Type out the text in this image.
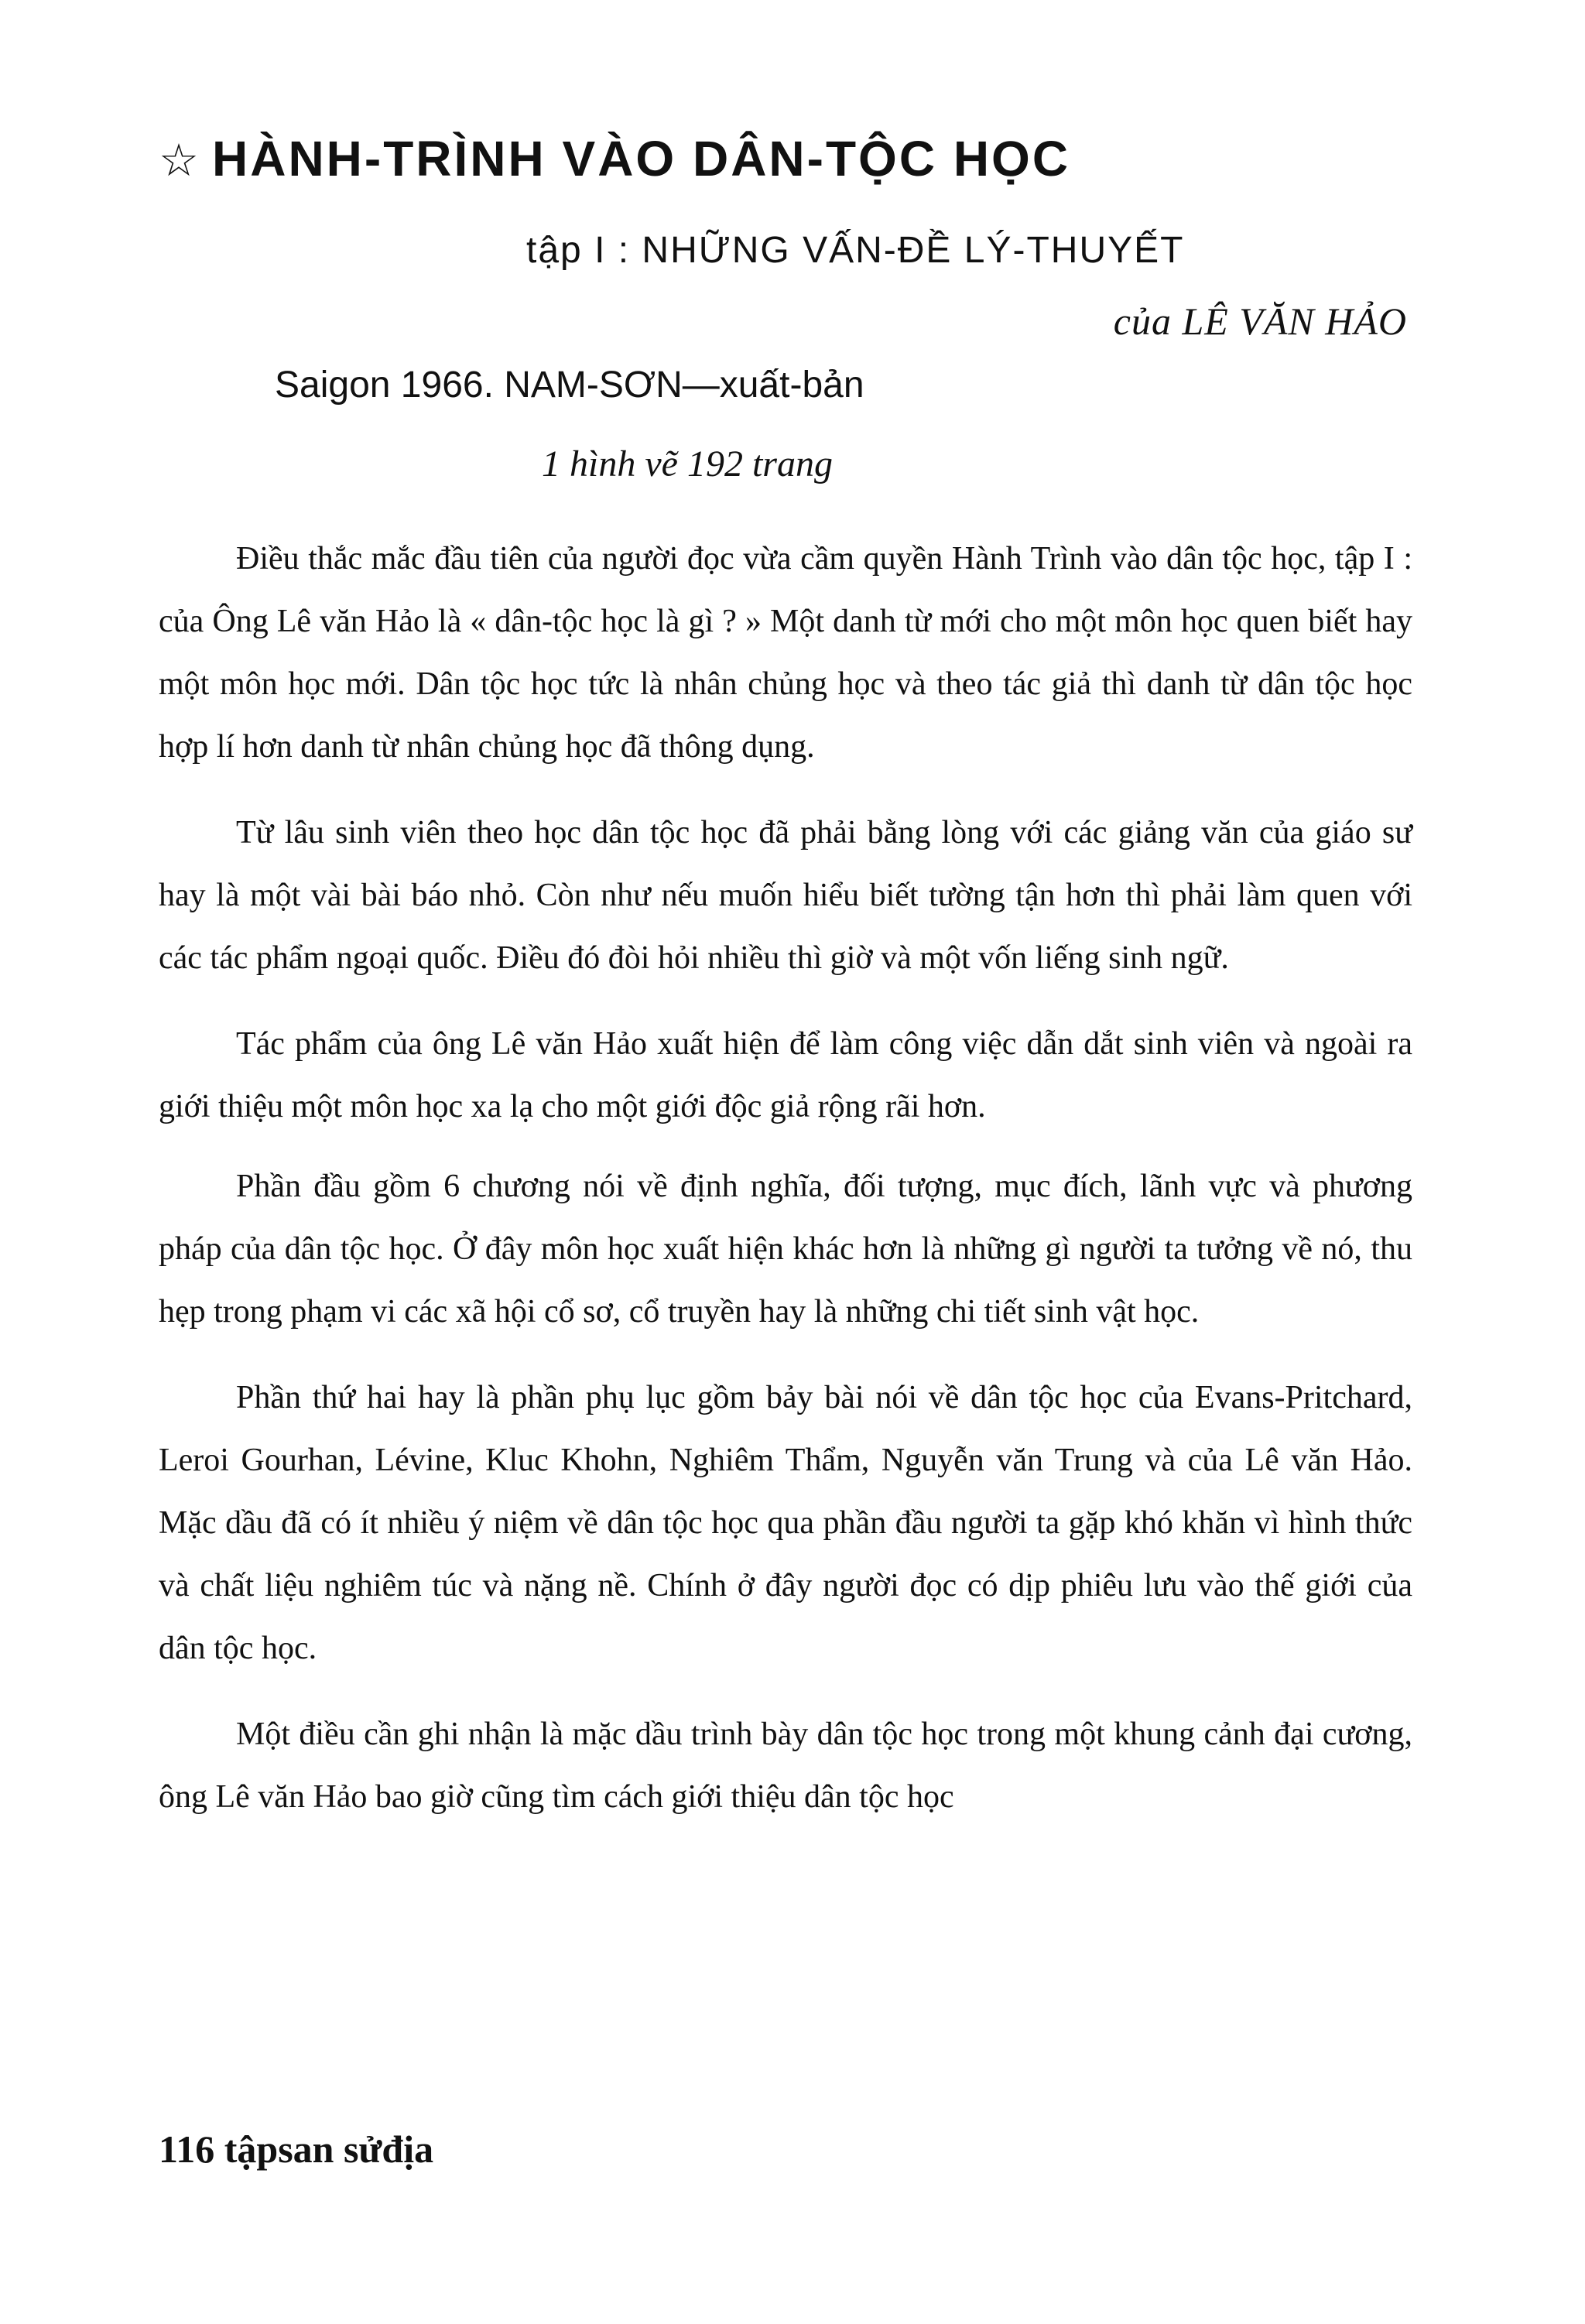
☆ HÀNH-TRÌNH VÀO DÂN-TỘC HỌC
tập I : NHỮNG VẤN-ĐỀ LÝ-THUYẾT
của LÊ VĂN HẢO
Saigon 1966. NAM-SƠN—xuất-bản
1 hình vẽ 192 trang

Điều thắc mắc đầu tiên của người đọc vừa cầm quyền Hành Trình vào dân tộc học, tập I : của Ông Lê văn Hảo là « dân-tộc học là gì ? » Một danh từ mới cho một môn học quen biết hay một môn học mới. Dân tộc học tức là nhân chủng học và theo tác giả thì danh từ dân tộc học hợp lí hơn danh từ nhân chủng học đã thông dụng.

Từ lâu sinh viên theo học dân tộc học đã phải bằng lòng với các giảng văn của giáo sư hay là một vài bài báo nhỏ. Còn như nếu muốn hiểu biết tường tận hơn thì phải làm quen với các tác phẩm ngoại quốc. Điều đó đòi hỏi nhiều thì giờ và một vốn liếng sinh ngữ.

Tác phẩm của ông Lê văn Hảo xuất hiện để làm công việc dẫn dắt sinh viên và ngoài ra giới thiệu một môn học xa lạ cho một giới độc giả rộng rãi hơn.

Phần đầu gồm 6 chương nói về định nghĩa, đối tượng, mục đích, lãnh vực và phương pháp của dân tộc học. Ở đây môn học xuất hiện khác hơn là những gì người ta tưởng về nó, thu hẹp trong phạm vi các xã hội cổ sơ, cổ truyền hay là những chi tiết sinh vật học.

Phần thứ hai hay là phần phụ lục gồm bảy bài nói về dân tộc học của Evans-Pritchard, Leroi Gourhan, Lévine, Kluc Khohn, Nghiêm Thẩm, Nguyễn văn Trung và của Lê văn Hảo. Mặc dầu đã có ít nhiều ý niệm về dân tộc học qua phần đầu người ta gặp khó khăn vì hình thức và chất liệu nghiêm túc và nặng nề. Chính ở đây người đọc có dịp phiêu lưu vào thế giới của dân tộc học.

Một điều cần ghi nhận là mặc dầu trình bày dân tộc học trong một khung cảnh đại cương, ông Lê văn Hảo bao giờ cũng tìm cách giới thiệu dân tộc học

116 tậpsan sửđịa
